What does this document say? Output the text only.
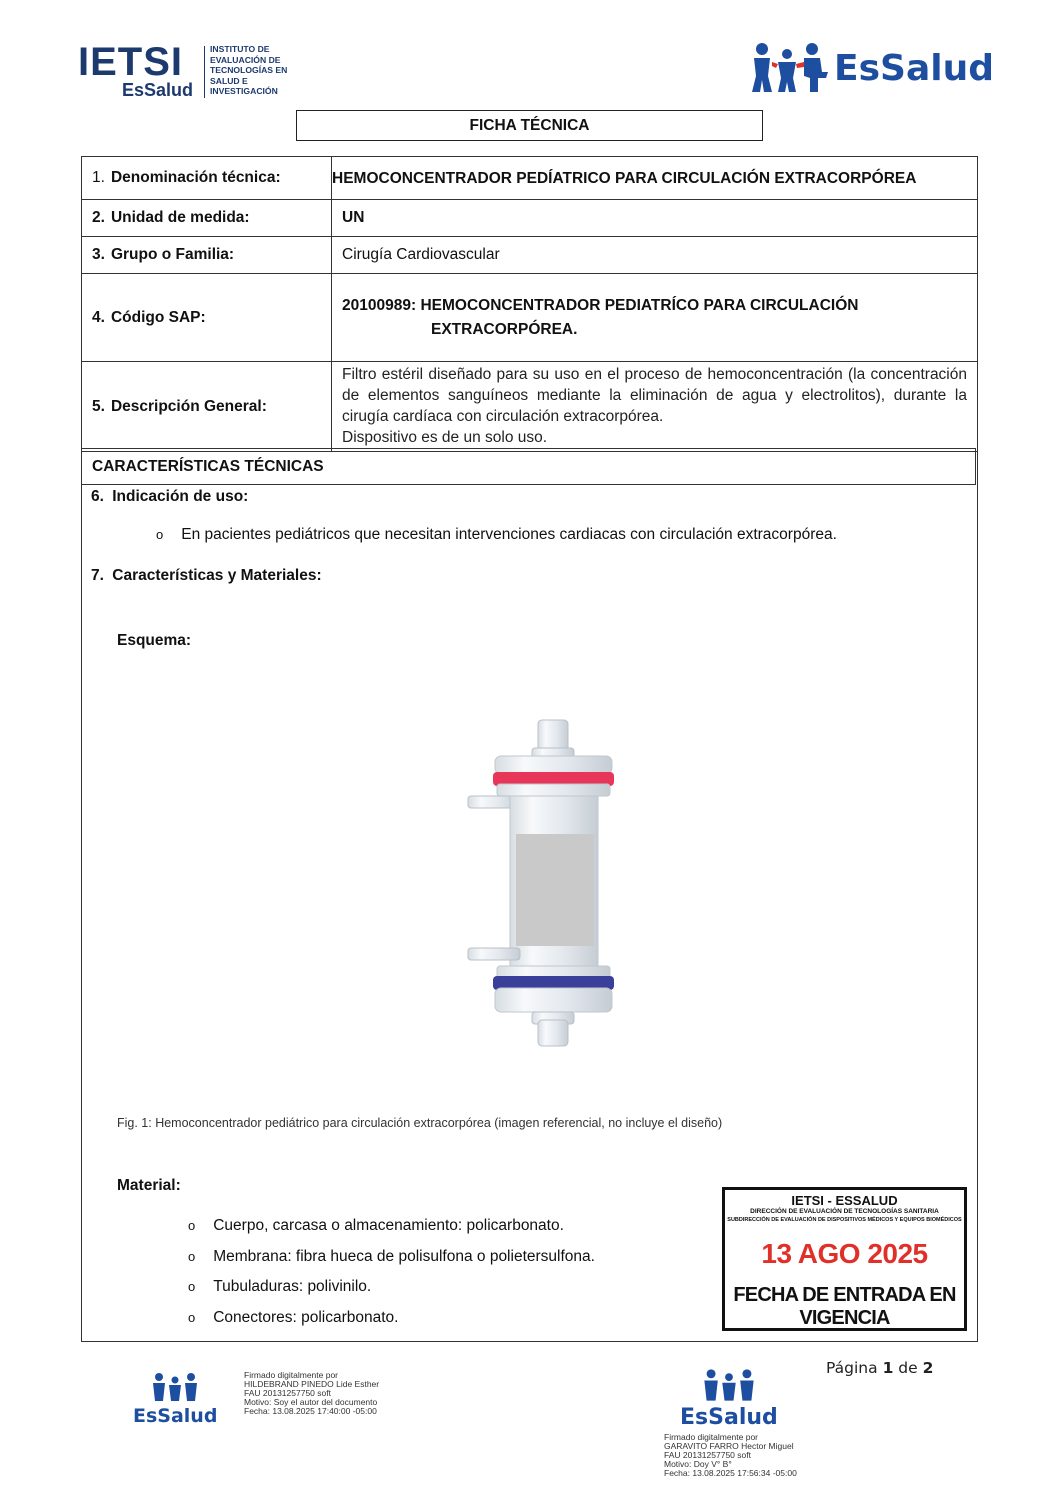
IETSI
EsSalud
INSTITUTO DE
EVALUACIÓN DE
TECNOLOGÍAS EN
SALUD E
INVESTIGACIÓN
EsSalud
FICHA TÉCNICA
1. Denominación técnica:	HEMOCONCENTRADOR PEDÍATRICO PARA CIRCULACIÓN EXTRACORPÓREA
2. Unidad de medida:	UN
3. Grupo o Familia:	Cirugía Cardiovascular
4. Código SAP:
20100989: HEMOCONCENTRADOR PEDIATRÍCO PARA CIRCULACIÓN
EXTRACORPÓREA.
5. Descripción General:
Filtro estéril diseñado para su uso en el proceso de hemoconcentración (la concentración de elementos sanguíneos mediante la eliminación de agua y electrolitos), durante la cirugía cardíaca con circulación extracorpórea.
Dispositivo es de un solo uso.
CARACTERÍSTICAS TÉCNICAS
6. Indicación de uso:
o En pacientes pediátricos que necesitan intervenciones cardiacas con circulación extracorpórea.
7. Características y Materiales:
Esquema:
Fig. 1: Hemoconcentrador pediátrico para circulación extracorpórea (imagen referencial, no incluye el diseño)
Material:
o Cuerpo, carcasa o almacenamiento: policarbonato.
o Membrana: fibra hueca de polisulfona o polietersulfona.
o Tubuladuras: polivinilo.
o Conectores: policarbonato.
IETSI - ESSALUD
DIRECCIÓN DE EVALUACIÓN DE TECNOLOGÍAS SANITARIA
SUBDIRECCIÓN DE EVALUACIÓN DE DISPOSITIVOS MÉDICOS Y EQUIPOS BIOMÉDICOS
13 AGO 2025
FECHA DE ENTRADA EN VIGENCIA
EsSalud
Firmado digitalmente por
HILDEBRAND PINEDO Lide Esther
FAU 20131257750 soft
Motivo: Soy el autor del documento
Fecha: 13.08.2025 17:40:00 -05:00	EsSalud
Firmado digitalmente por
GARAVITO FARRO Hector Miguel
FAU 20131257750 soft
Motivo: Doy V° B°
Fecha: 13.08.2025 17:56:34 -05:00
Página 1 de 2
